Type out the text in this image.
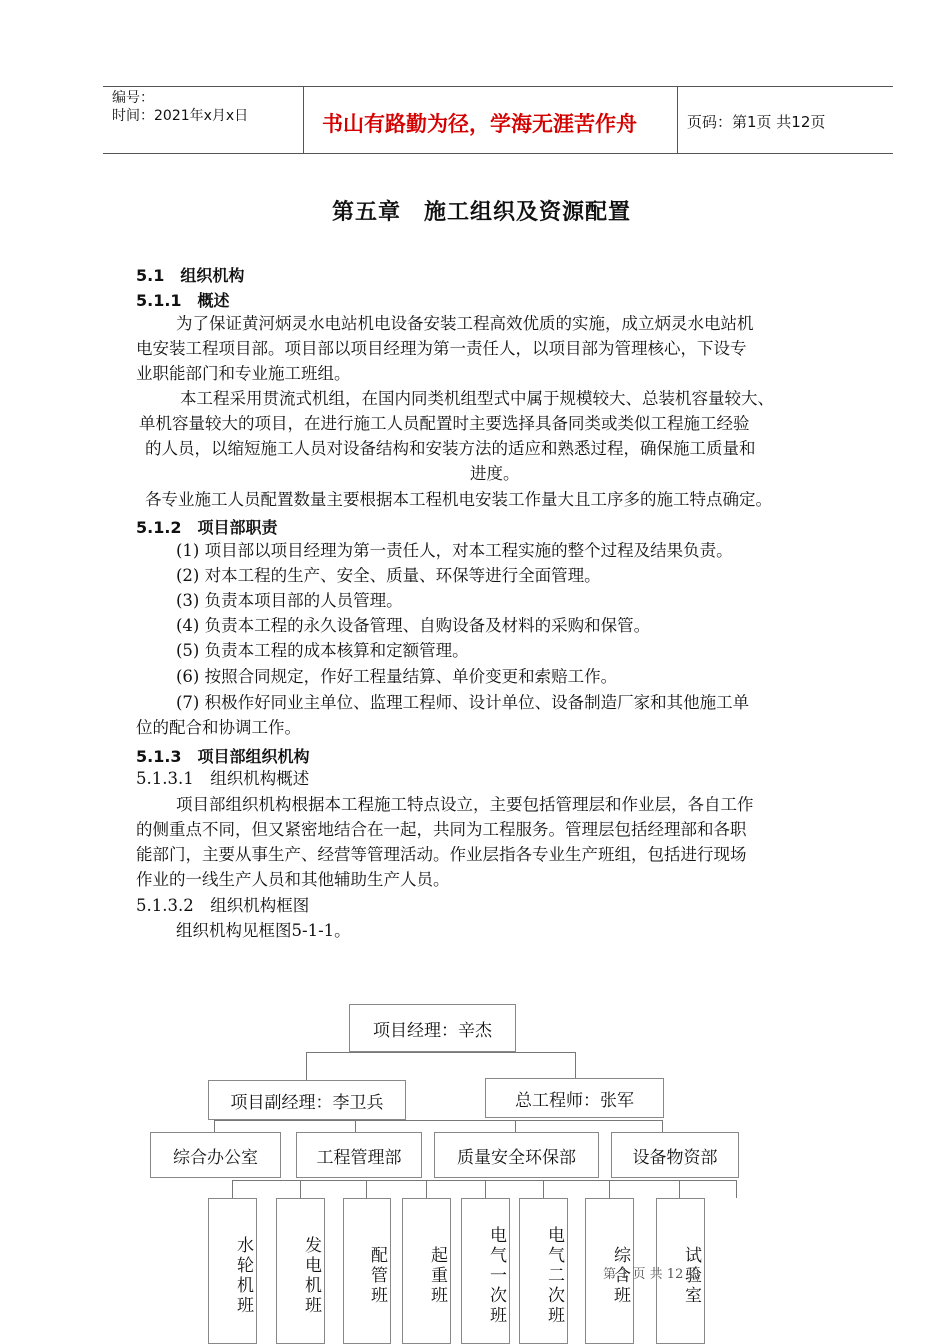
编号：
时间：2021年x月x日	书山有路勤为径，学海无涯苦作舟	页码：第1页 共12页
第五章　施工组织及资源配置
5.1　组织机构
5.1.1　概述
为了保证黄河炳灵水电站机电设备安装工程高效优质的实施，成立炳灵水电站机
电安装工程项目部。项目部以项目经理为第一责任人，以项目部为管理核心，下设专
业职能部门和专业施工班组。
本工程采用贯流式机组，在国内同类机组型式中属于规模较大、总装机容量较大、
单机容量较大的项目，在进行施工人员配置时主要选择具备同类或类似工程施工经验
的人员，以缩短施工人员对设备结构和安装方法的适应和熟悉过程，确保施工质量和
进度。
各专业施工人员配置数量主要根据本工程机电安装工作量大且工序多的施工特点确定。
5.1.2　项目部职责
(1) 项目部以项目经理为第一责任人，对本工程实施的整个过程及结果负责。
(2) 对本工程的生产、安全、质量、环保等进行全面管理。
(3) 负责本项目部的人员管理。
(4) 负责本工程的永久设备管理、自购设备及材料的采购和保管。
(5) 负责本工程的成本核算和定额管理。
(6) 按照合同规定，作好工程量结算、单价变更和索赔工作。
(7) 积极作好同业主单位、监理工程师、设计单位、设备制造厂家和其他施工单
位的配合和协调工作。
5.1.3　项目部组织机构
5.1.3.1　组织机构概述
项目部组织机构根据本工程施工特点设立，主要包括管理层和作业层，各自工作
的侧重点不同，但又紧密地结合在一起，共同为工程服务。管理层包括经理部和各职
能部门，主要从事生产、经营等管理活动。作业层指各专业生产班组，包括进行现场
作业的一线生产人员和其他辅助生产人员。
5.1.3.2　组织机构框图
组织机构见框图5-1-1。
项目经理：辛杰
项目副经理：李卫兵	总工程师：张军
综合办公室	工程管理部	质量安全环保部	设备物资部
水轮机班	发电机班	配管班	起重班	电气一次班	电气二次班	综合班	试验室
第 1 页 共 12 页
